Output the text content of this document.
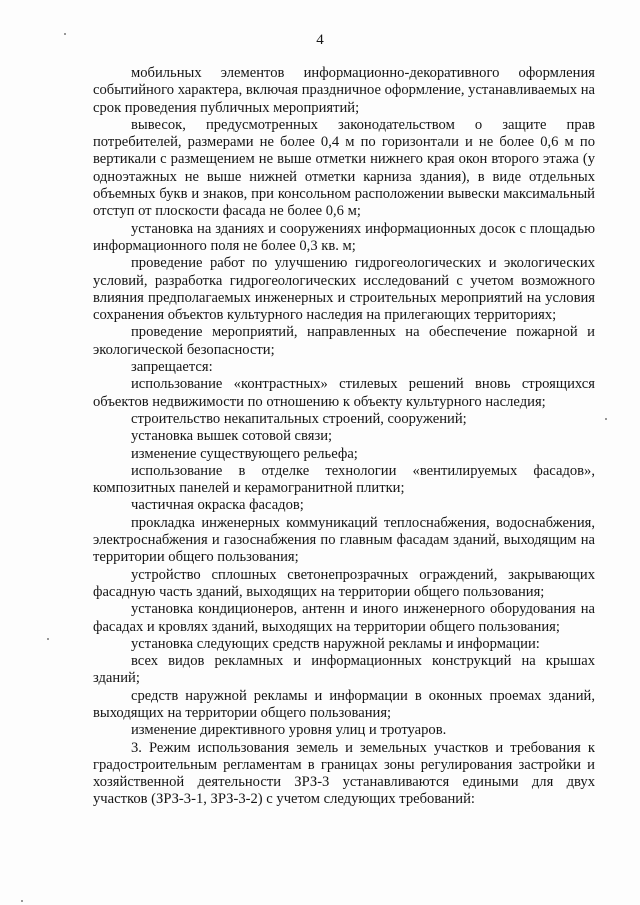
4

мобильных элементов информационно-декоративного оформления событийного характера, включая праздничное оформление, устанавливаемых на срок проведения публичных мероприятий;

вывесок, предусмотренных законодательством о защите прав потребителей, размерами не более 0,4 м по горизонтали и не более 0,6 м по вертикали с размещением не выше отметки нижнего края окон второго этажа (у одноэтажных не выше нижней отметки карниза здания), в виде отдельных объемных букв и знаков, при консольном расположении вывески максимальный отступ от плоскости фасада не более 0,6 м;

установка на зданиях и сооружениях информационных досок с площадью информационного поля не более 0,3 кв. м;

проведение работ по улучшению гидрогеологических и экологических условий, разработка гидрогеологических исследований с учетом возможного влияния предполагаемых инженерных и строительных мероприятий на условия сохранения объектов культурного наследия на прилегающих территориях;

проведение мероприятий, направленных на обеспечение пожарной и экологической безопасности;

запрещается:

использование «контрастных» стилевых решений вновь строящихся объектов недвижимости по отношению к объекту культурного наследия;

строительство некапитальных строений, сооружений;

установка вышек сотовой связи;

изменение существующего рельефа;

использование в отделке технологии «вентилируемых фасадов», композитных панелей и керамогранитной плитки;

частичная окраска фасадов;

прокладка инженерных коммуникаций теплоснабжения, водоснабжения, электроснабжения и газоснабжения по главным фасадам зданий, выходящим на территории общего пользования;

устройство сплошных светонепрозрачных ограждений, закрывающих фасадную часть зданий, выходящих на территории общего пользования;

установка кондиционеров, антенн и иного инженерного оборудования на фасадах и кровлях зданий, выходящих на территории общего пользования;

установка следующих средств наружной рекламы и информации:

всех видов рекламных и информационных конструкций на крышах зданий;

средств наружной рекламы и информации в оконных проемах зданий, выходящих на территории общего пользования;

изменение директивного уровня улиц и тротуаров.

3. Режим использования земель и земельных участков и требования к градостроительным регламентам в границах зоны регулирования застройки и хозяйственной деятельности ЗРЗ-3 устанавливаются едиными для двух участков (ЗРЗ-3-1, ЗРЗ-3-2) с учетом следующих требований:
